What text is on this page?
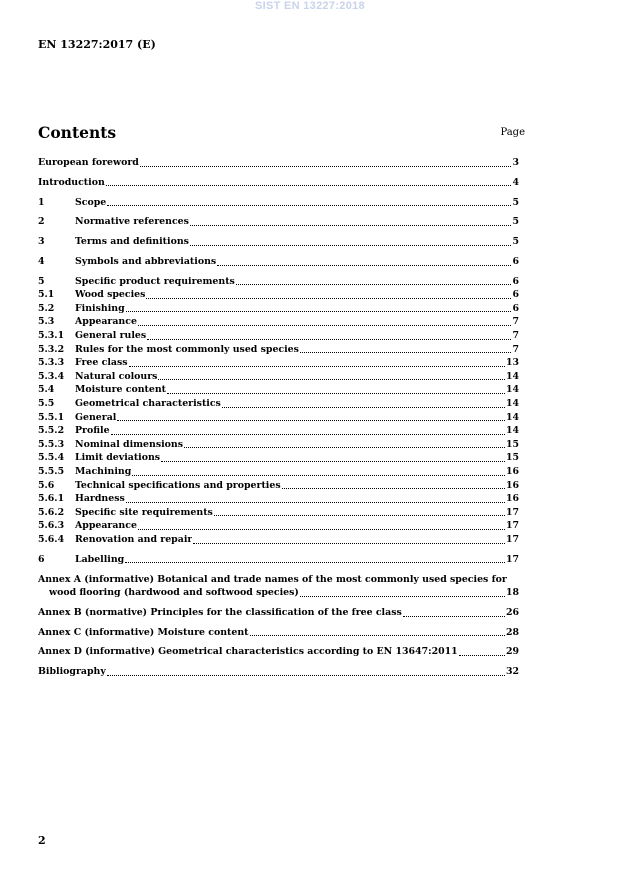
SIST EN 13227:2018
EN 13227:2017 (E)
Contents	Page
European foreword	3
Introduction	4
1	Scope	5
2	Normative references	5
3	Terms and definitions	5
4	Symbols and abbreviations	6
5	Specific product requirements	6
5.1	Wood species	6
5.2	Finishing	6
5.3	Appearance	7
5.3.1	General rules	7
5.3.2	Rules for the most commonly used species	7
5.3.3	Free class	13
5.3.4	Natural colours	14
5.4	Moisture content	14
5.5	Geometrical characteristics	14
5.5.1	General	14
5.5.2	Profile	14
5.5.3	Nominal dimensions	15
5.5.4	Limit deviations	15
5.5.5	Machining	16
5.6	Technical specifications and properties	16
5.6.1	Hardness	16
5.6.2	Specific site requirements	17
5.6.3	Appearance	17
5.6.4	Renovation and repair	17
6	Labelling	17
Annex A (informative) Botanical and trade names of the most commonly used species for
wood flooring (hardwood and softwood species)	18
Annex B (normative) Principles for the classification of the free class	26
Annex C (informative) Moisture content	28
Annex D (informative) Geometrical characteristics according to EN 13647:2011	29
Bibliography	32
2
